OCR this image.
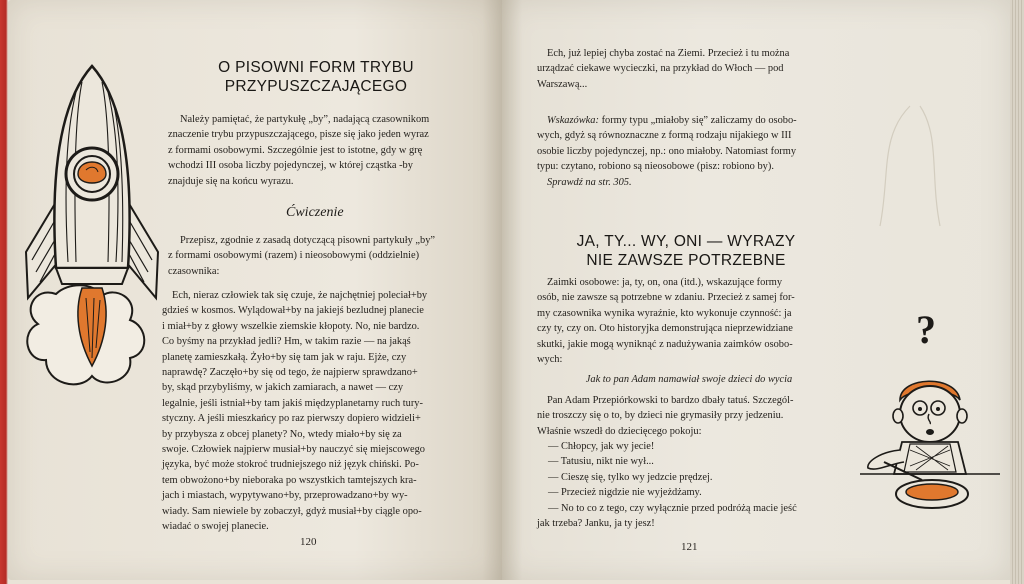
O PISOWNI FORM TRYBU
PRZYPUSZCZAJĄCEGO

Należy pamiętać, że partykułę „by”, nadającą czasownikom

znaczenie trybu przypuszczającego, pisze się jako jeden wyraz

z formami osobowymi. Szczególnie jest to istotne, gdy w grę

wchodzi III osoba liczby pojedynczej, w której cząstka -by

znajduje się na końcu wyrazu.

Ćwiczenie

Przepisz, zgodnie z zasadą dotyczącą pisowni partykuły „by”

z formami osobowymi (razem) i nieosobowymi (oddzielnie)

czasownika:

Ech, nieraz człowiek tak się czuje, że najchętniej poleciał+by

gdzieś w kosmos. Wylądował+by na jakiejś bezludnej planecie

i miał+by z głowy wszelkie ziemskie kłopoty. No, nie bardzo.

Co byśmy na przykład jedli? Hm, w takim razie — na jakąś

planetę zamieszkałą. Żyło+by się tam jak w raju. Ejże, czy

naprawdę? Zaczęło+by się od tego, że najpierw sprawdzano+

by, skąd przybyliśmy, w jakich zamiarach, a nawet — czy

legalnie, jeśli istniał+by tam jakiś międzyplanetarny ruch tury-

styczny. A jeśli mieszkańcy po raz pierwszy dopiero widzieli+

by przybysza z obcej planety? No, wtedy miało+by się za

swoje. Człowiek najpierw musiał+by nauczyć się miejscowego

języka, być może stokroć trudniejszego niż język chiński. Po-

tem obwożono+by nieboraka po wszystkich tamtejszych kra-

jach i miastach, wypytywano+by, przeprowadzano+by wy-

wiady. Sam niewiele by zobaczył, gdyż musiał+by ciągle opo-

wiadać o swojej planecie.

120

Ech, już lepiej chyba zostać na Ziemi. Przecież i tu można

urządzać ciekawe wycieczki, na przykład do Włoch — pod

Warszawą...

Wskazówka: formy typu „miałoby się” zaliczamy do osobo-

wych, gdyż są równoznaczne z formą rodzaju nijakiego w III

osobie liczby pojedynczej, np.: ono miałoby. Natomiast formy

typu: czytano, robiono są nieosobowe (pisz: robiono by).

Sprawdź na str. 305.

JA, TY... WY, ONI — WYRAZY
NIE ZAWSZE POTRZEBNE

Zaimki osobowe: ja, ty, on, ona (itd.), wskazujące formy

osób, nie zawsze są potrzebne w zdaniu. Przecież z samej for-

my czasownika wynika wyraźnie, kto wykonuje czynność: ja

czy ty, czy on. Oto historyjka demonstrująca nieprzewidziane

skutki, jakie mogą wyniknąć z nadużywania zaimków osobo-

wych:

Jak to pan Adam namawiał swoje dzieci do wycia

Pan Adam Przepiórkowski to bardzo dbały tatuś. Szczegól-

nie troszczy się o to, by dzieci nie grymasiły przy jedzeniu.

Właśnie wszedł do dziecięcego pokoju:

— Chłopcy, jak wy jecie!

— Tatusiu, nikt nie wył...

— Cieszę się, tylko wy jedzcie prędzej.

— Przecież nigdzie nie wyjeżdżamy.

— No to co z tego, czy wyłącznie przed podróżą macie jeść

jak trzeba? Janku, ja ty jesz!
121
?
